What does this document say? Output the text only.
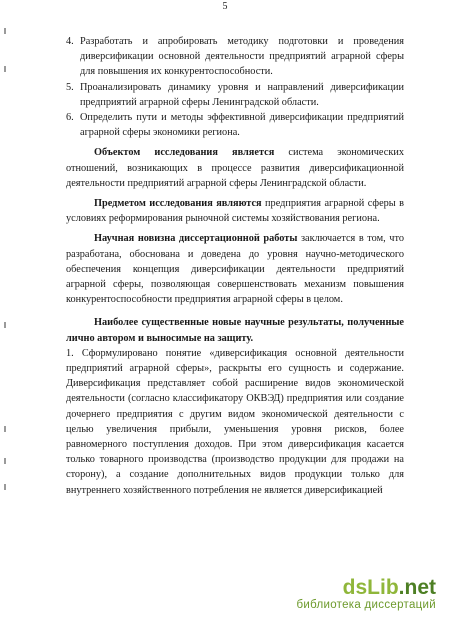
5
4. Разработать и апробировать методику подготовки и проведения диверсификации основной деятельности предприятий аграрной сферы для повышения их конкурентоспособности.
5. Проанализировать динамику уровня и направлений диверсификации предприятий аграрной сферы Ленинградской области.
6. Определить пути и методы эффективной диверсификации предприятий аграрной сферы экономики региона.

Объектом исследования является система экономических отношений, возникающих в процессе развития диверсификационной деятельности предприятий аграрной сферы Ленинградской области.

Предметом исследования являются предприятия аграрной сферы в условиях реформирования рыночной системы хозяйствования региона.

Научная новизна диссертационной работы заключается в том, что разработана, обоснована и доведена до уровня научно-методического обеспечения концепция диверсификации деятельности предприятий аграрной сферы, позволяющая совершенствовать механизм повышения конкурентоспособности предприятия аграрной сферы в целом.

Наиболее существенные новые научные результаты, полученные лично автором и выносимые на защиту.

1. Сформулировано понятие «диверсификация основной деятельности предприятий аграрной сферы», раскрыты его сущность и содержание. Диверсификация представляет собой расширение видов экономической деятельности (согласно классификатору ОКВЭД) предприятия или создание дочернего предприятия с другим видом экономической деятельности с целью увеличения прибыли, уменьшения уровня рисков, более равномерного поступления доходов. При этом диверсификация касается только товарного производства (производство продукции для продажи на сторону), а создание дополнительных видов продукции только для внутреннего хозяйственного потребления не является диверсификацией

dsLib.net
библиотека диссертаций
